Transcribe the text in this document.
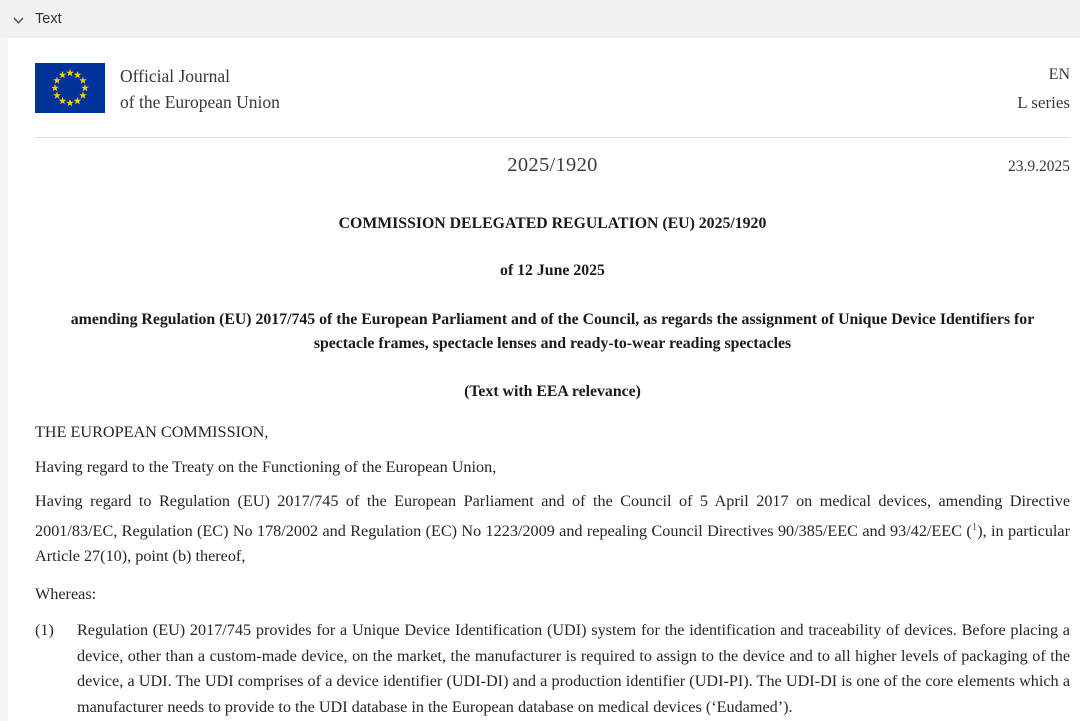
Text
Official Journal
of the European Union
EN
L series
2025/1920	23.9.2025
COMMISSION DELEGATED REGULATION (EU) 2025/1920
of 12 June 2025
amending Regulation (EU) 2017/745 of the European Parliament and of the Council, as regards the assignment of Unique Device Identifiers for spectacle frames, spectacle lenses and ready-to-wear reading spectacles
(Text with EEA relevance)
THE EUROPEAN COMMISSION,
Having regard to the Treaty on the Functioning of the European Union,
Having regard to Regulation (EU) 2017/745 of the European Parliament and of the Council of 5 April 2017 on medical devices, amending Directive 2001/83/EC, Regulation (EC) No 178/2002 and Regulation (EC) No 1223/2009 and repealing Council Directives 90/385/EEC and 93/42/EEC ($^1$), in particular Article 27(10), point (b) thereof,
Whereas:
(1)	Regulation (EU) 2017/745 provides for a Unique Device Identification (UDI) system for the identification and traceability of devices. Before placing a device, other than a custom-made device, on the market, the manufacturer is required to assign to the device and to all higher levels of packaging of the device, a UDI. The UDI comprises of a device identifier (UDI-DI) and a production identifier (UDI-PI). The UDI-DI is one of the core elements which a manufacturer needs to provide to the UDI database in the European database on medical devices (‘Eudamed’).
